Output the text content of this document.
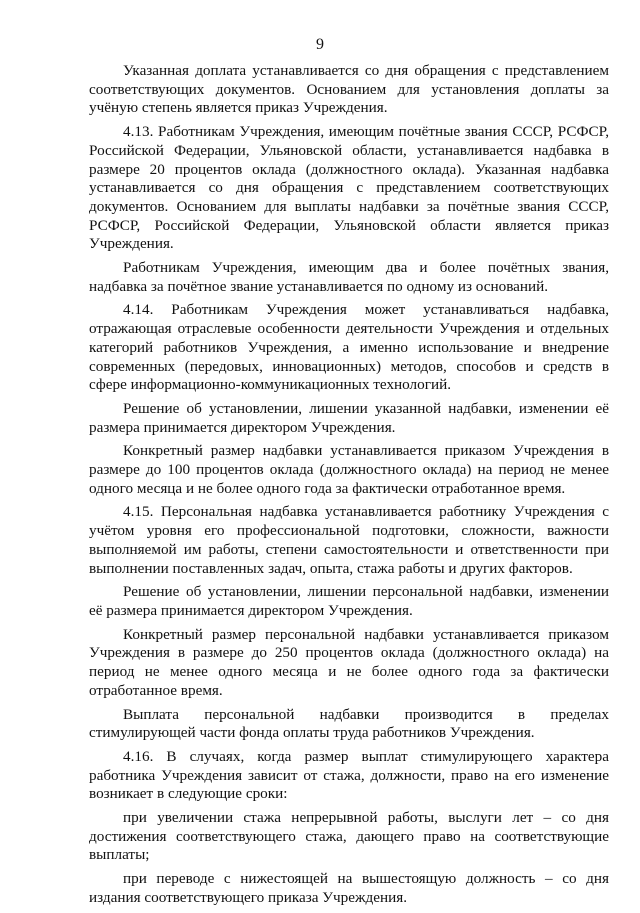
9

Указанная доплата устанавливается со дня обращения с представлением соответствующих документов. Основанием для установления доплаты за учёную степень является приказ Учреждения.

4.13. Работникам Учреждения, имеющим почётные звания СССР, РСФСР, Российской Федерации, Ульяновской области, устанавливается надбавка в размере 20 процентов оклада (должностного оклада). Указанная надбавка устанавливается со дня обращения с представлением соответствующих документов. Основанием для выплаты надбавки за почётные звания СССР, РСФСР, Российской Федерации, Ульяновской области является приказ Учреждения.

Работникам Учреждения, имеющим два и более почётных звания, надбавка за почётное звание устанавливается по одному из оснований.

4.14. Работникам Учреждения может устанавливаться надбавка, отражающая отраслевые особенности деятельности Учреждения и отдельных категорий работников Учреждения, а именно использование и внедрение современных (передовых, инновационных) методов, способов и средств в сфере информационно-коммуникационных технологий.

Решение об установлении, лишении указанной надбавки, изменении её размера принимается директором Учреждения.

Конкретный размер надбавки устанавливается приказом Учреждения в размере до 100 процентов оклада (должностного оклада) на период не менее одного месяца и не более одного года за фактически отработанное время.

4.15. Персональная надбавка устанавливается работнику Учреждения с учётом уровня его профессиональной подготовки, сложности, важности выполняемой им работы, степени самостоятельности и ответственности при выполнении поставленных задач, опыта, стажа работы и других факторов.

Решение об установлении, лишении персональной надбавки, изменении её размера принимается директором Учреждения.

Конкретный размер персональной надбавки устанавливается приказом Учреждения в размере до 250 процентов оклада (должностного оклада) на период не менее одного месяца и не более одного года за фактически отработанное время.

Выплата персональной надбавки производится в пределах стимулирующей части фонда оплаты труда работников Учреждения.

4.16. В случаях, когда размер выплат стимулирующего характера работника Учреждения зависит от стажа, должности, право на его изменение возникает в следующие сроки:

при увеличении стажа непрерывной работы, выслуги лет – со дня достижения соответствующего стажа, дающего право на соответствующие выплаты;

при переводе с нижестоящей на вышестоящую должность – со дня издания соответствующего приказа Учреждения.
